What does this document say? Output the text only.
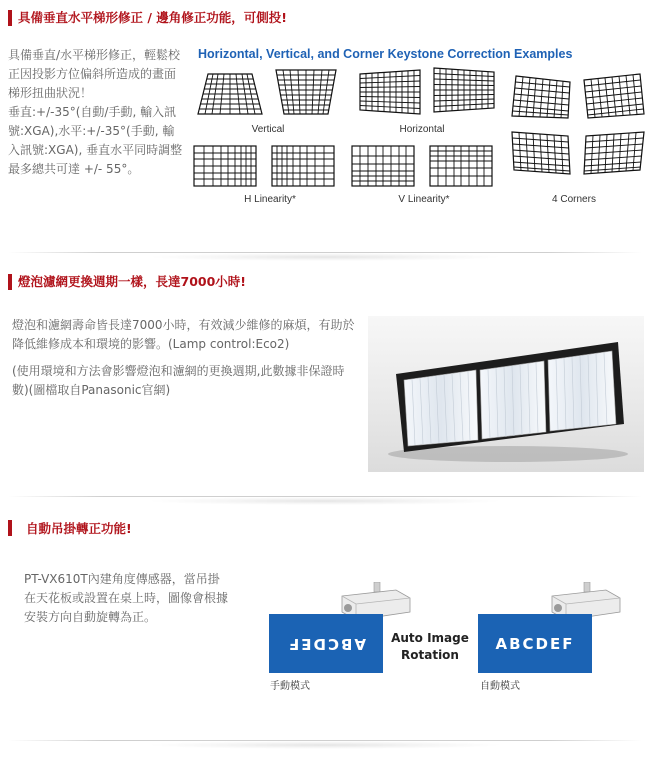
具備垂直水平梯形修正 / 邊角修正功能，可側投!
具備垂直/水平梯形修正，輕鬆校
正因投影方位偏斜所造成的畫面
梯形扭曲狀況！
垂直:+/-35°(自動/手動, 輸入訊
號:XGA),水平:+/-35°(手動, 輸
入訊號:XGA), 垂直水平同時調整
最多總共可達 +/- 55°。
Horizontal, Vertical, and Corner Keystone Correction Examples
Vertical	Horizontal
H Linearity*	V Linearity*	4 Corners
燈泡濾網更換週期一樣，長達7000小時!
燈泡和濾網壽命皆長達7000小時，有效減少維修的麻煩，有助於
降低維修成本和環境的影響。(Lamp control:Eco2)
(使用環境和方法會影響燈泡和濾網的更換週期,此數據非保證時
數)(圖檔取自Panasonic官網)
自動吊掛轉正功能!
PT-VX610T內建角度傳感器，當吊掛
在天花板或設置在桌上時，圖像會根據
安裝方向自動旋轉為正。
ABCDEF
手動模式
Auto Image
Rotation
ABCDEF
自動模式
